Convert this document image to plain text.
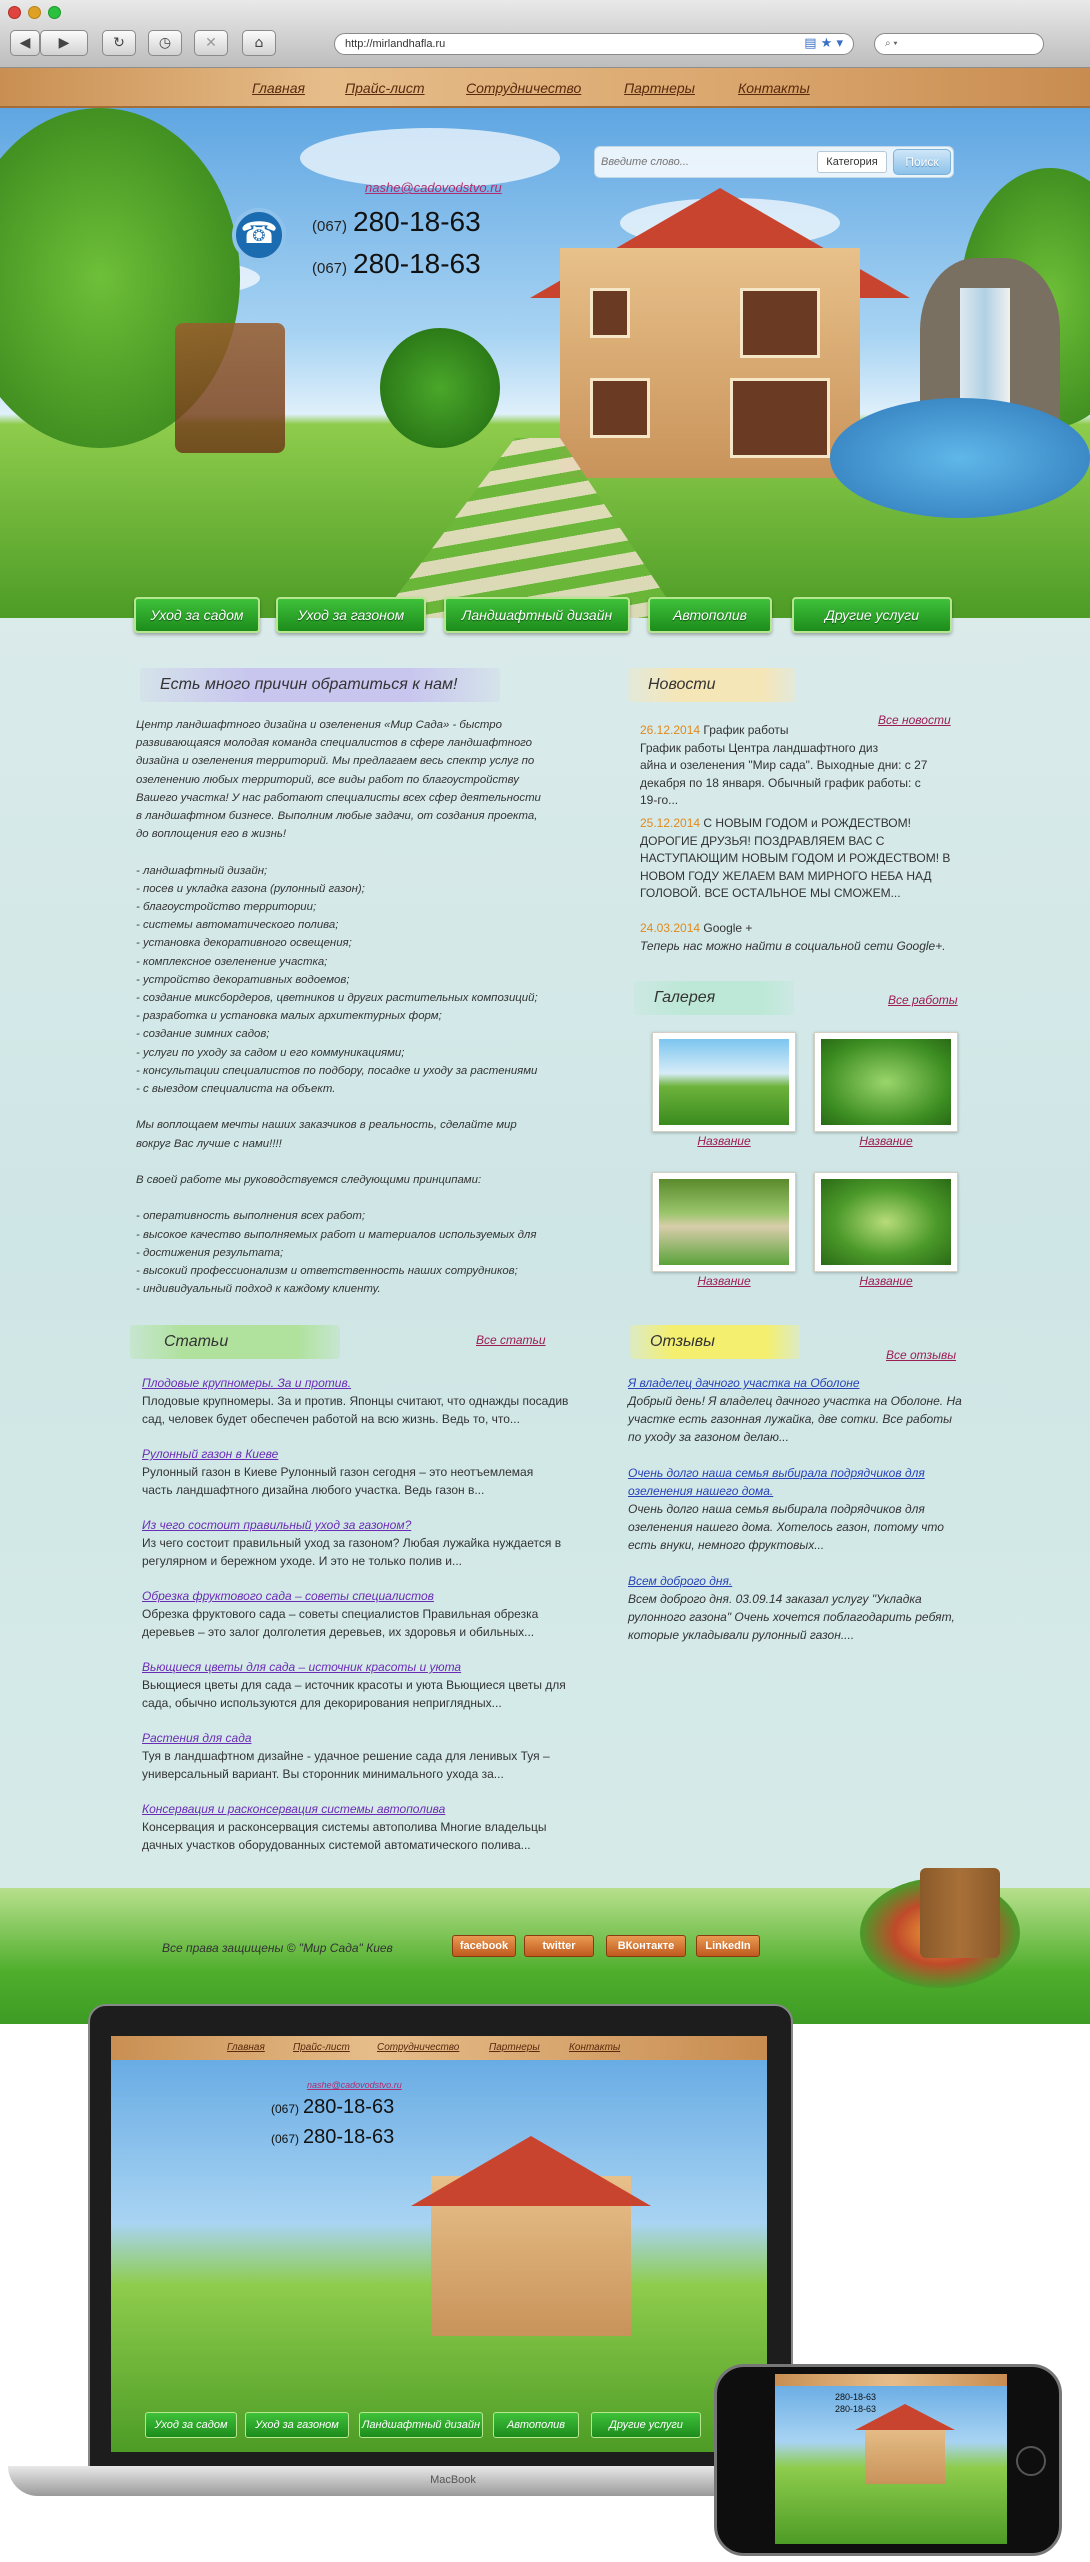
◀	▶	↻	◷	✕	⌂	http://mirlandhafla.ru	▤ ★ ▾	⌕ ▾
Главная	Прайс-лист	Сотрудничество	Партнеры	Контакты
nashe@cadovodstvo.ru
☎	(067) 280-18-63
(067) 280-18-63
Введите слово...
Категория	Поиск
Уход за садом	Уход за газоном	Ландшафтный дизайн	Автополив	Другие услуги
Есть много причин обратиться к нам!
Центр ландшафтного дизайна и озеленения «Мир Сада» - быстро
развивающаяся молодая команда специалистов в сфере ландшафтного
дизайна и озеленения территорий. Мы предлагаем весь спектр услуг по
озеленению любых территорий, все виды работ по благоустройству
Вашего участка! У нас работают специалисты всех сфер деятельности
в ландшафтном бизнесе. Выполним любые задачи, от создания проекта,
до воплощения его в жизнь!

- ландшафтный дизайн;
- посев и укладка газона (рулонный газон);
- благоустройство территории;
- системы автоматического полива;
- установка декоративного освещения;
- комплексное озеленение участка;
- устройство декоративных водоемов;
- создание миксбордеров, цветников и других растительных композиций;
- разработка и установка малых архитектурных форм;
- создание зимних садов;
- услуги по уходу за садом и его коммуникациями;
- консультации специалистов по подбору, посадке и уходу за растениями
- с выездом специалиста на объект.

Мы воплощаем мечты наших заказчиков в реальность, сделайте мир
вокруг Вас лучше с нами!!!!

В своей работе мы руководствуемся следующими принципами:

- оперативность выполнения всех работ;
- высокое качество выполняемых работ и материалов используемых для
- достижения результата;
- высокий профессионализм и ответственность наших сотрудников;
- индивидуальный подход к каждому клиенту.
Новости
Все новости
26.12.2014 График работы
График работы Центра ландшафтного диз
айна и озеленения "Мир сада". Выходные дни: с 27
декабря по 18 января. Обычный график работы: с
19-го...
25.12.2014 С НОВЫМ ГОДОМ и РОЖДЕСТВОМ!
ДОРОГИЕ ДРУЗЬЯ! ПОЗДРАВЛЯЕМ ВАС С
НАСТУПАЮЩИМ НОВЫМ ГОДОМ И РОЖДЕСТВОМ! В
НОВОМ ГОДУ ЖЕЛАЕМ ВАМ МИРНОГО НЕБА НАД
ГОЛОВОЙ. ВСЕ ОСТАЛЬНОЕ МЫ СМОЖЕМ...
24.03.2014 Google +
Теперь нас можно найти в социальной сети Google+.
Галерея	Все работы
Название	Название
Название	Название
Статьи	Все статьи
Плодовые крупномеры. За и против.
Плодовые крупномеры. За и против. Японцы считают, что однажды посадив
сад, человек будет обеспечен работой на всю жизнь. Ведь то, что...
Рулонный газон в Киеве
Рулонный газон в Киеве Рулонный газон сегодня – это неотъемлемая
часть ландшафтного дизайна любого участка. Ведь газон в...
Из чего состоит правильный уход за газоном?
Из чего состоит правильный уход за газоном? Любая лужайка нуждается в
регулярном и бережном уходе. И это не только полив и...
Обрезка фруктового сада – советы специалистов
Обрезка фруктового сада – советы специалистов Правильная обрезка
деревьев – это залог долголетия деревьев, их здоровья и обильных...
Вьющиеся цветы для сада – источник красоты и уюта
Вьющиеся цветы для сада – источник красоты и уюта Вьющиеся цветы для
сада, обычно используются для декорирования неприглядных...
Растения для сада
Туя в ландшафтном дизайне - удачное решение сада для ленивых Туя –
универсальный вариант. Вы сторонник минимального ухода за...
Консервация и расконсервация системы автополива
Консервация и расконсервация системы автополива Многие владельцы
дачных участков оборудованных системой автоматического полива...
Отзывы
Все отзывы
Я владелец дачного участка на Оболоне
Добрый день! Я владелец дачного участка на Оболоне. На
участке есть газонная лужайка, две сотки. Все работы
по уходу за газоном делаю...
Очень долго наша семья выбирала подрядчиков для
озеленения нашего дома.
Очень долго наша семья выбирала подрядчиков для
озеленения нашего дома. Хотелось газон, потому что
есть внуки, немного фруктовых...
Всем доброго дня.
Всем доброго дня. 03.09.14 заказал услугу "Укладка
рулонного газона" Очень хочется поблагодарить ребят,
которые укладывали рулонный газон....
Все права защищены © "Мир Сада" Киев	facebook	twitter	ВКонтакте	LinkedIn
Главная	Прайс-лист	Сотрудничество	Партнеры	Контакты
nashe@cadovodstvo.ru
(067) 280-18-63
(067) 280-18-63
Уход за садом	Уход за газоном	Ландшафтный дизайн	Автополив	Другие услуги
MacBook
280-18-63
280-18-63
